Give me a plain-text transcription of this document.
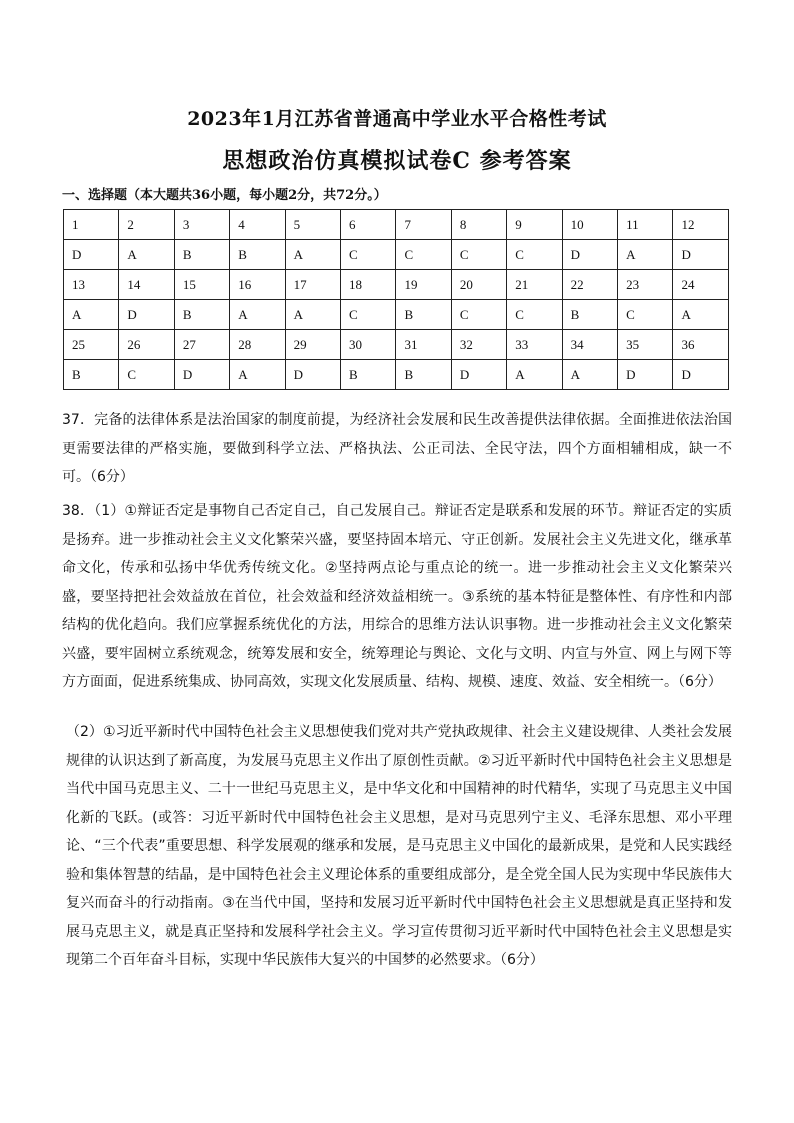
2023年1月江苏省普通高中学业水平合格性考试
思想政治仿真模拟试卷C 参考答案
一、选择题（本大题共36小题，每小题2分，共72分。）
1	2	3	4	5	6	7	8	9	10	11	12
D	A	B	B	A	C	C	C	C	D	A	D
13	14	15	16	17	18	19	20	21	22	23	24
A	D	B	A	A	C	B	C	C	B	C	A
25	26	27	28	29	30	31	32	33	34	35	36
B	C	D	A	D	B	B	D	A	A	D	D

37．完备的法律体系是法治国家的制度前提，为经济社会发展和民生改善提供法律依据。全面推进依法治国更需要法律的严格实施，要做到科学立法、严格执法、公正司法、全民守法，四个方面相辅相成，缺一不可。（6分）

38．（1）①辩证否定是事物自己否定自己，自己发展自己。辩证否定是联系和发展的环节。辩证否定的实质是扬弃。进一步推动社会主义文化繁荣兴盛，要坚持固本培元、守正创新。发展社会主义先进文化，继承革命文化，传承和弘扬中华优秀传统文化。②坚持两点论与重点论的统一。进一步推动社会主义文化繁荣兴盛，要坚持把社会效益放在首位，社会效益和经济效益相统一。③系统的基本特征是整体性、有序性和内部结构的优化趋向。我们应掌握系统优化的方法，用综合的思维方法认识事物。进一步推动社会主义文化繁荣兴盛，要牢固树立系统观念，统筹发展和安全，统筹理论与舆论、文化与文明、内宣与外宣、网上与网下等方方面面，促进系统集成、协同高效，实现文化发展质量、结构、规模、速度、效益、安全相统一。（6分）

（2）①习近平新时代中国特色社会主义思想使我们党对共产党执政规律、社会主义建设规律、人类社会发展规律的认识达到了新高度，为发展马克思主义作出了原创性贡献。②习近平新时代中国特色社会主义思想是当代中国马克思主义、二十一世纪马克思主义，是中华文化和中国精神的时代精华，实现了马克思主义中国化新的飞跃。(或答：习近平新时代中国特色社会主义思想，是对马克思列宁主义、毛泽东思想、邓小平理论、“三个代表”重要思想、科学发展观的继承和发展，是马克思主义中国化的最新成果，是党和人民实践经验和集体智慧的结晶，是中国特色社会主义理论体系的重要组成部分，是全党全国人民为实现中华民族伟大复兴而奋斗的行动指南。③在当代中国，坚持和发展习近平新时代中国特色社会主义思想就是真正坚持和发展马克思主义，就是真正坚持和发展科学社会主义。学习宣传贯彻习近平新时代中国特色社会主义思想是实现第二个百年奋斗目标，实现中华民族伟大复兴的中国梦的必然要求。（6分）
